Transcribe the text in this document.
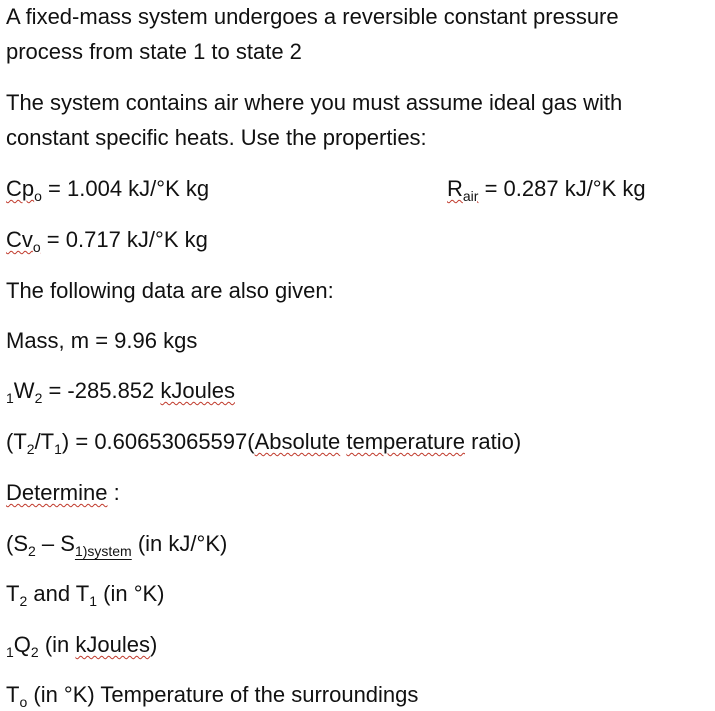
A fixed-mass system undergoes a reversible constant pressure
process from state 1 to state 2
The system contains air where you must assume ideal gas with
constant specific heats. Use the properties:
$Cp_o = 1.004$ kJ/°K kg	$R_{air} = 0.287$ kJ/°K kg
$Cv_o = 0.717$ kJ/°K kg
The following data are also given:
Mass, m = 9.96 kgs
$_1W_2 = -285.852$ kJoules
$(T_2/T_1)$ = 0.60653065597(Absolute temperature ratio)
Determine :
($S_2 - S_{1)system}$ (in kJ/°K)
$T_2$ and $T_1$ (in °K)
$_1Q_2$ (in kJoules)
$T_o$ (in °K) Temperature of the surroundings
